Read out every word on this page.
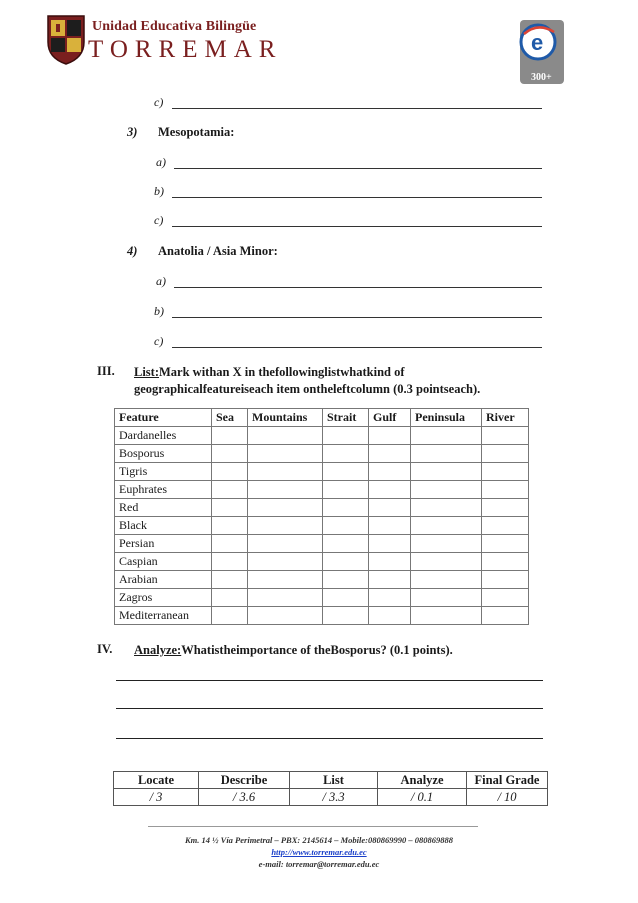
Unidad Educativa Bilingüe
TORREMAR	e
300+
c)
3) Mesopotamia:
a)
b)
c)
4) Anatolia / Asia Minor:
a)
b)
c)
III. List:Mark withan X in thefollowinglistwhatkind of
geographicalfeatureiseach item ontheleftcolumn (0.3 pointseach).
Feature	Sea	Mountains	Strait	Gulf	Peninsula	River
Dardanelles						
Bosporus						
Tigris						
Euphrates						
Red						
Black						
Persian						
Caspian						
Arabian						
Zagros						
Mediterranean						
IV. Analyze:Whatistheimportance of theBosporus? (0.1 points).
Locate	Describe	List	Analyze	Final Grade
/ 3	/ 3.6	/ 3.3	/ 0.1	/ 10
Km. 14 ½ Vía Perimetral – PBX: 2145614 – Mobile:080869990 – 080869888
http://www.torremar.edu.ec
e-mail: torremar@torremar.edu.ec
